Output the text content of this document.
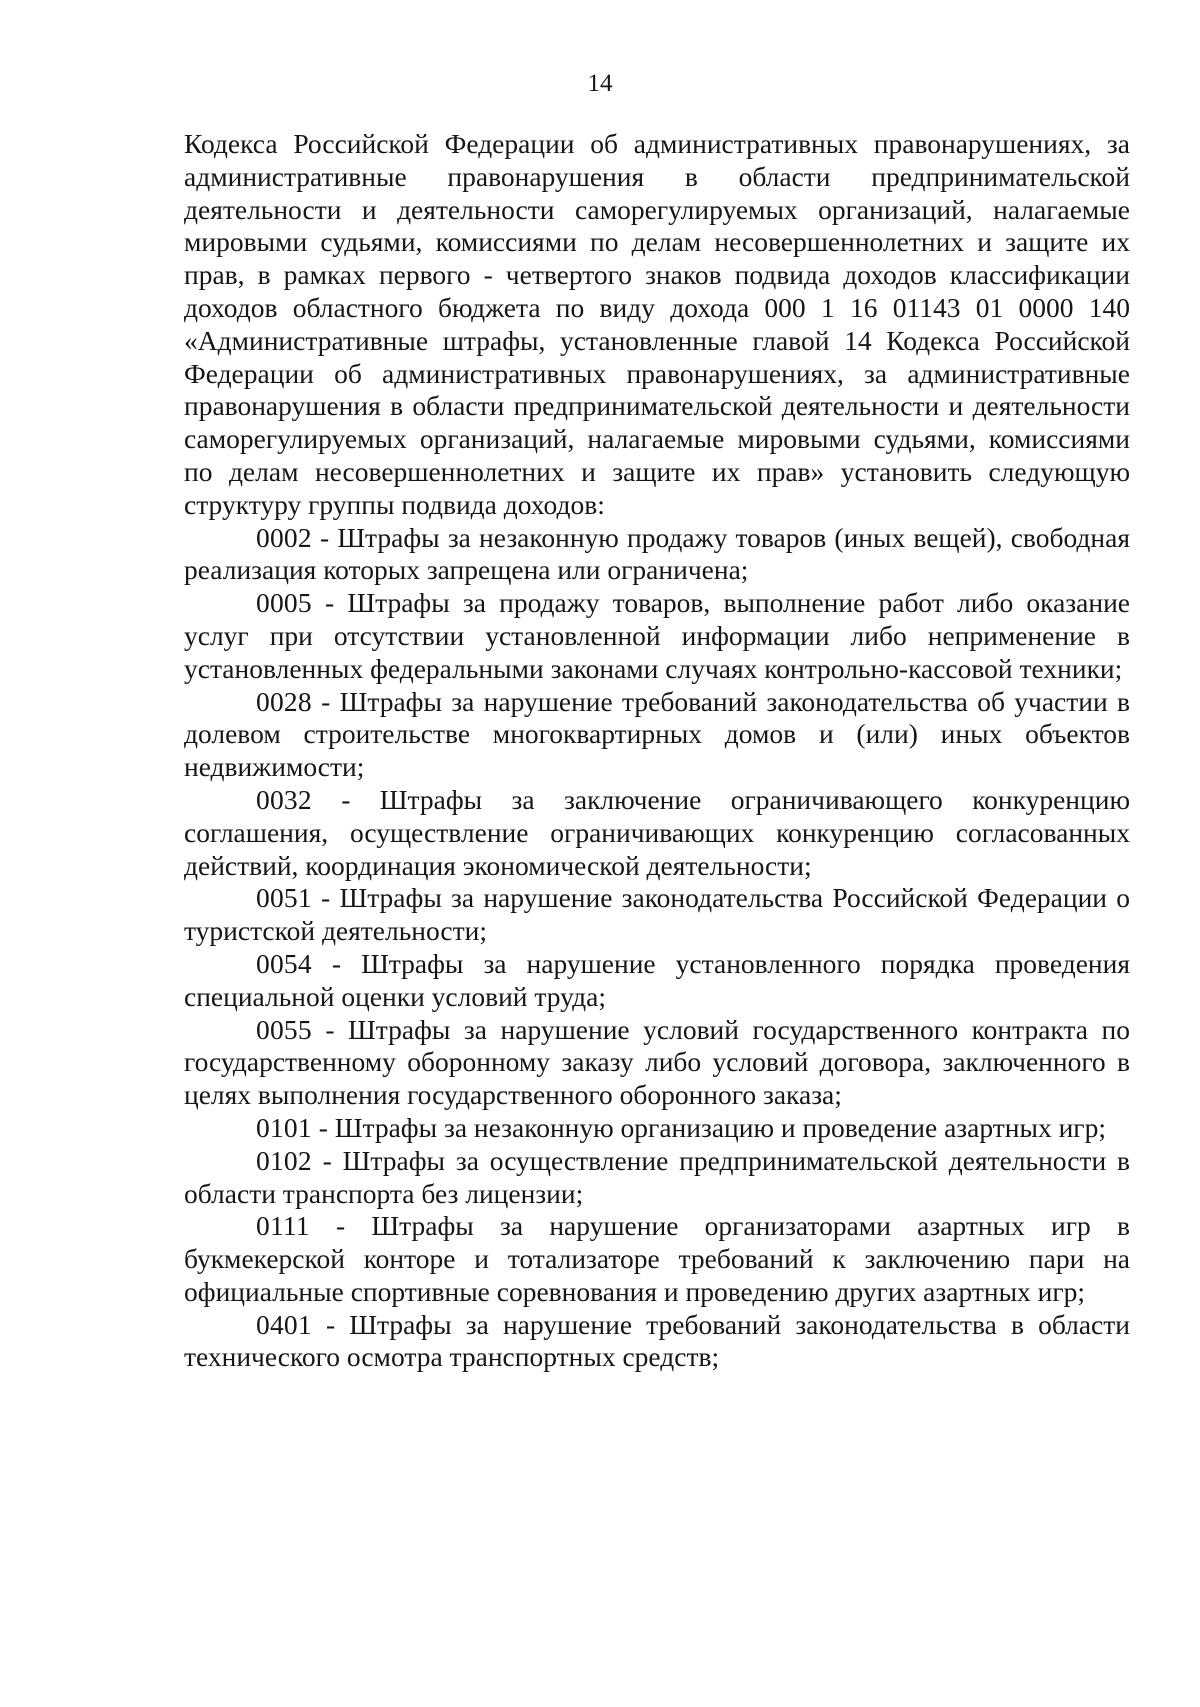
14

Кодекса Российской Федерации об административных правонарушениях, за административные правонарушения в области предпринимательской деятельности и деятельности саморегулируемых организаций, налагаемые мировыми судьями, комиссиями по делам несовершеннолетних и защите их прав, в рамках первого - четвертого знаков подвида доходов классификации доходов областного бюджета по виду дохода 000 1 16 01143 01 0000 140 «Административные штрафы, установленные главой 14 Кодекса Российской Федерации об административных правонарушениях, за административные правонарушения в области предпринимательской деятельности и деятельности саморегулируемых организаций, налагаемые мировыми судьями, комиссиями по делам несовершеннолетних и защите их прав» установить следующую структуру группы подвида доходов:

0002 - Штрафы за незаконную продажу товаров (иных вещей), свободная реализация которых запрещена или ограничена;

0005 - Штрафы за продажу товаров, выполнение работ либо оказание услуг при отсутствии установленной информации либо неприменение в установленных федеральными законами случаях контрольно-кассовой техники;

0028 - Штрафы за нарушение требований законодательства об участии в долевом строительстве многоквартирных домов и (или) иных объектов недвижимости;

0032 - Штрафы за заключение ограничивающего конкуренцию соглашения, осуществление ограничивающих конкуренцию согласованных действий, координация экономической деятельности;

0051 - Штрафы за нарушение законодательства Российской Федерации о туристской деятельности;

0054 - Штрафы за нарушение установленного порядка проведения специальной оценки условий труда;

0055 - Штрафы за нарушение условий государственного контракта по государственному оборонному заказу либо условий договора, заключенного в целях выполнения государственного оборонного заказа;

0101 - Штрафы за незаконную организацию и проведение азартных игр;

0102 - Штрафы за осуществление предпринимательской деятельности в области транспорта без лицензии;

0111 - Штрафы за нарушение организаторами азартных игр в букмекерской конторе и тотализаторе требований к заключению пари на официальные спортивные соревнования и проведению других азартных игр;

0401 - Штрафы за нарушение требований законодательства в области технического осмотра транспортных средств;
